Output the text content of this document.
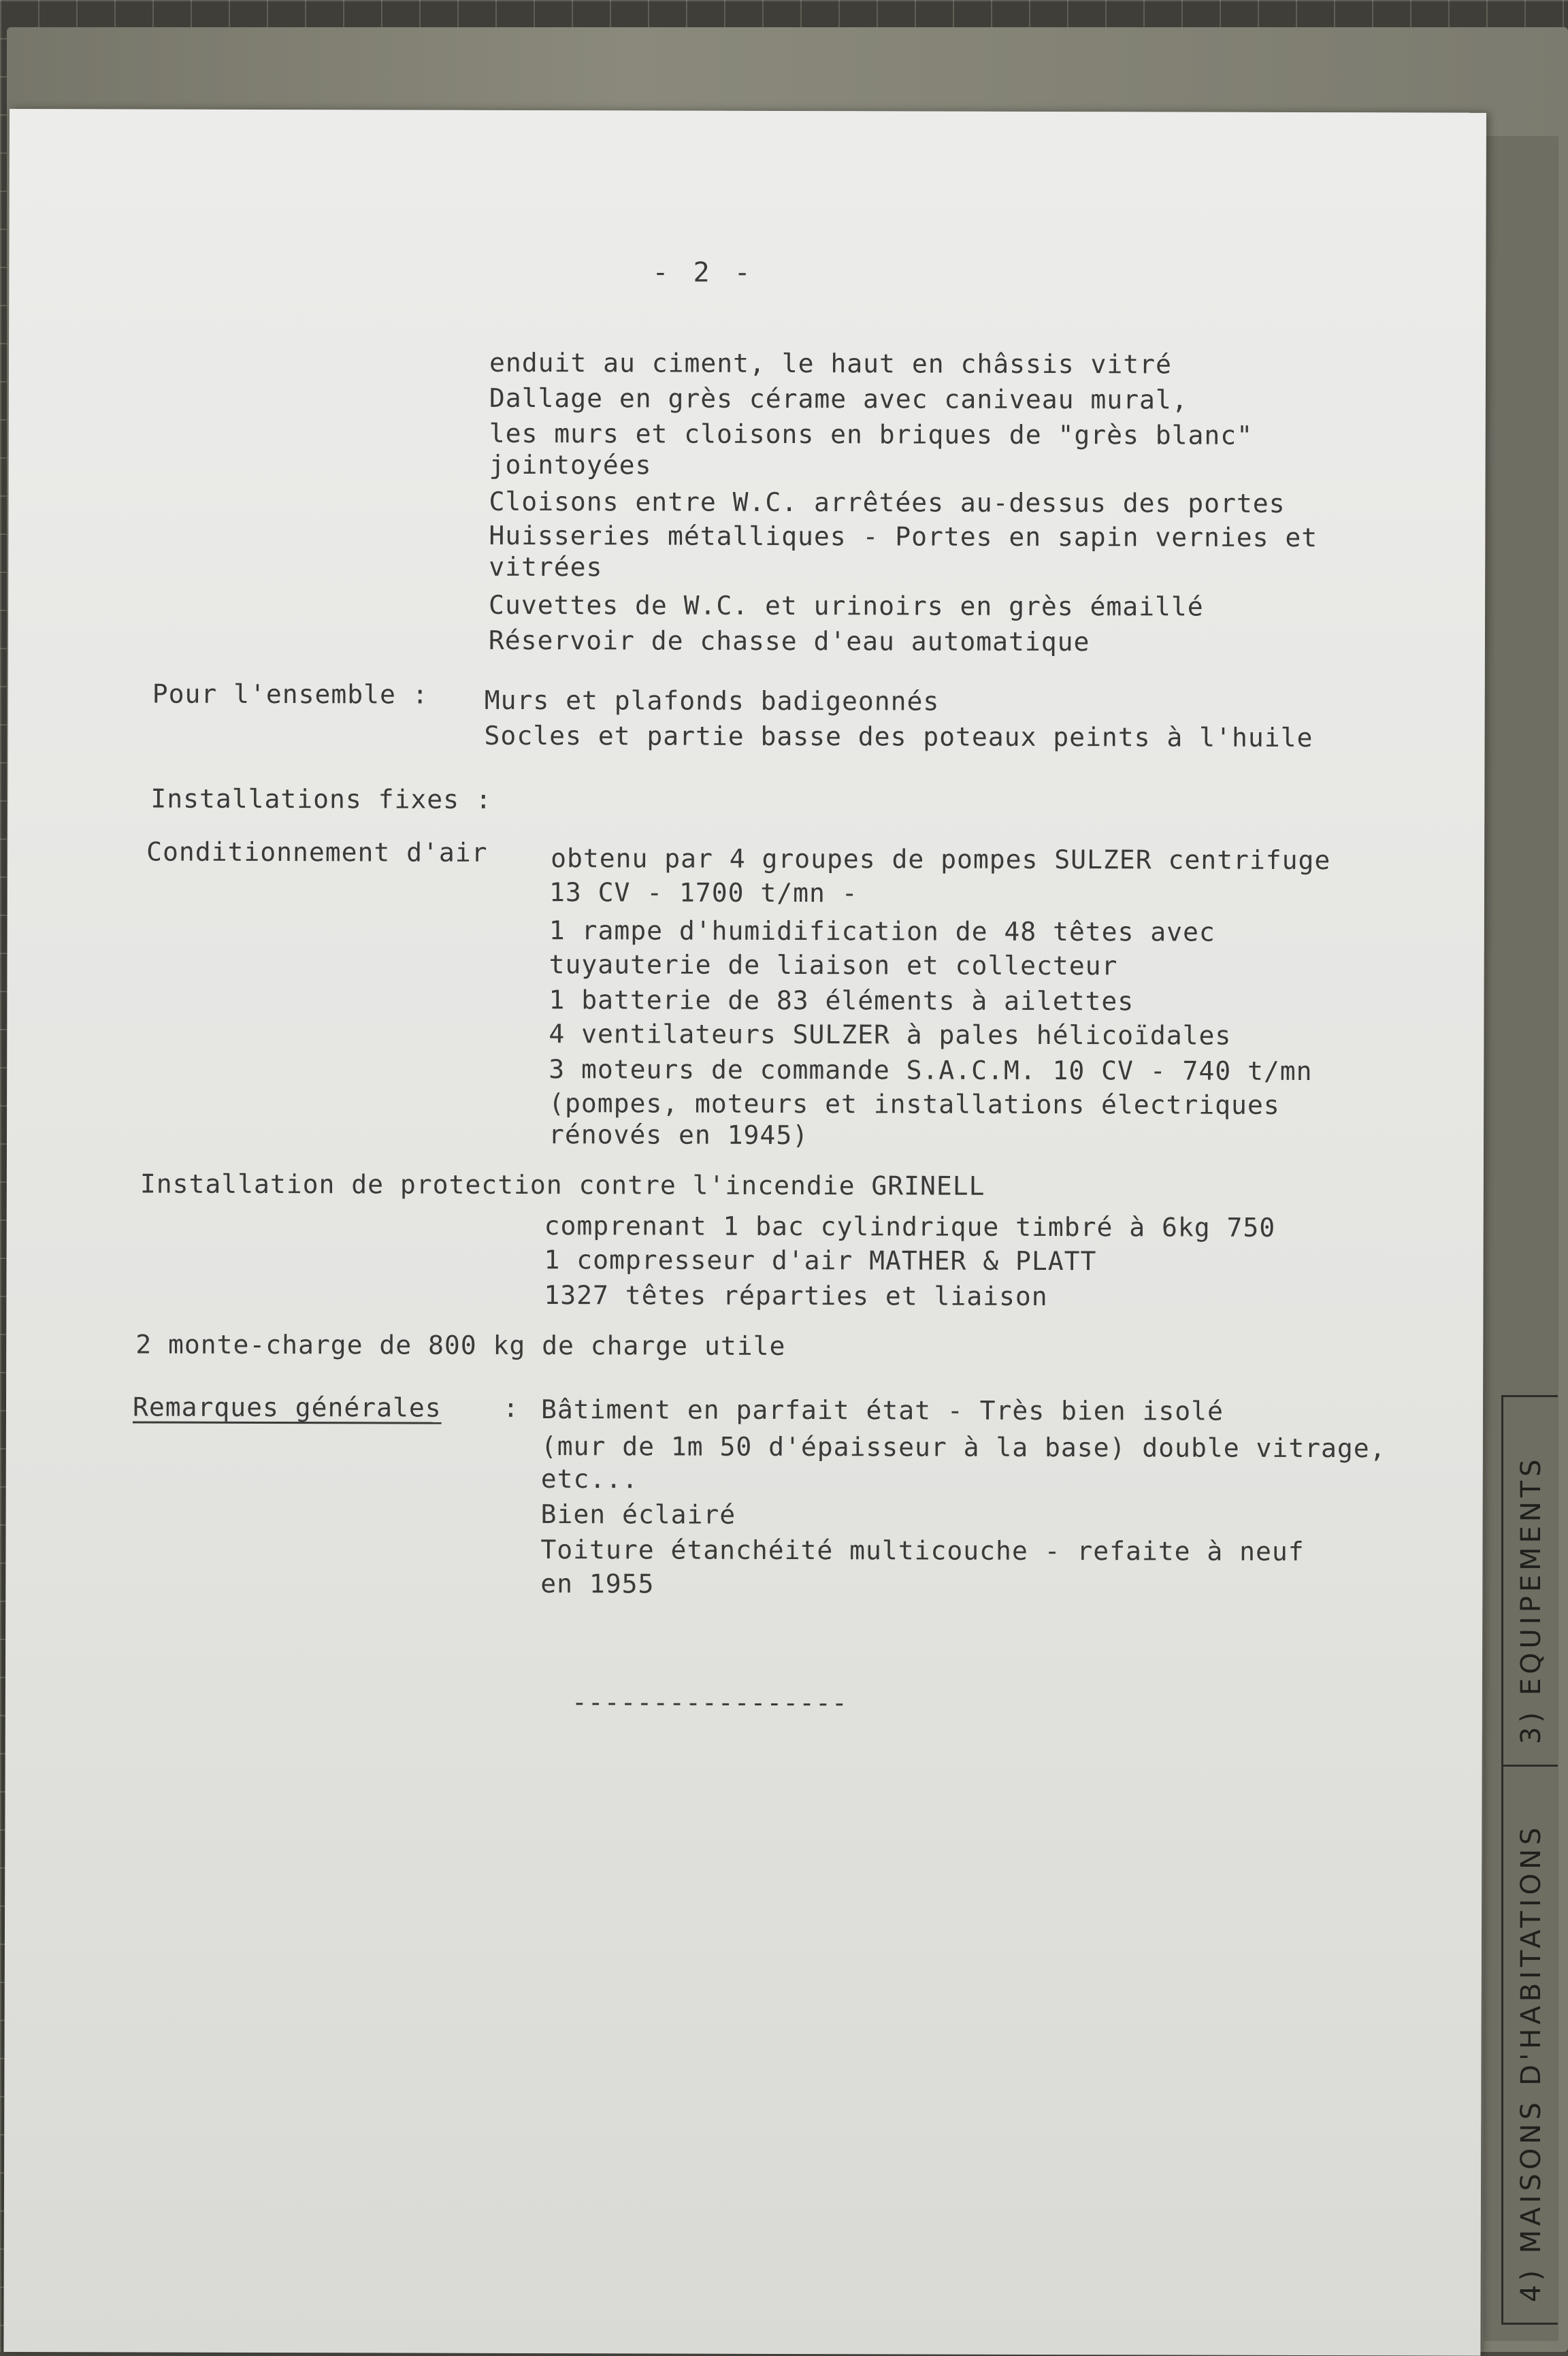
- 2 -
enduit au ciment, le haut en châssis vitré
Dallage en grès cérame avec caniveau mural,
les murs et cloisons en briques de "grès blanc"
jointoyées
Cloisons entre W.C. arrêtées au-dessus des portes
Huisseries métalliques - Portes en sapin vernies et
vitrées
Cuvettes de W.C. et urinoirs en grès émaillé
Réservoir de chasse d'eau automatique
Pour l'ensemble : Murs et plafonds badigeonnés
Socles et partie basse des poteaux peints à l'huile
Installations fixes :
Conditionnement d'air obtenu par 4 groupes de pompes SULZER centrifuge
13 CV - 1700 t/mn -
1 rampe d'humidification de 48 têtes avec
tuyauterie de liaison et collecteur
1 batterie de 83 éléments à ailettes
4 ventilateurs SULZER à pales hélicoïdales
3 moteurs de commande S.A.C.M. 10 CV - 740 t/mn
(pompes, moteurs et installations électriques
rénovés en 1945)
Installation de protection contre l'incendie GRINELL
comprenant 1 bac cylindrique timbré à 6kg 750
1 compresseur d'air MATHER & PLATT
1327 têtes réparties et liaison
2 monte-charge de 800 kg de charge utile
Remarques générales : Bâtiment en parfait état - Très bien isolé
(mur de 1m 50 d'épaisseur à la base) double vitrage,
etc...
Bien éclairé
Toiture étanchéité multicouche - refaite à neuf
en 1955
-----------------	3) EQUIPEMENTS
4) MAISONS D'HABITATIONS
